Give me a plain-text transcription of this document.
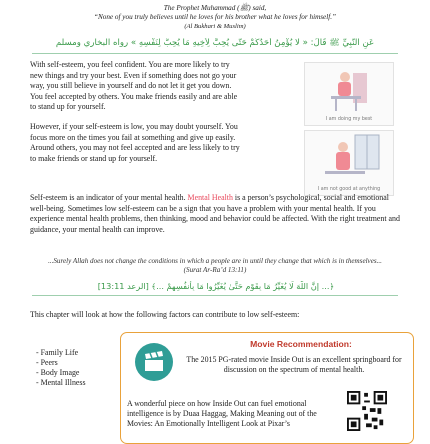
The Prophet Muhammad (ﷺ) said,
“None of you truly believes until he loves for his brother what he loves for himself.”
(Al Bukhari & Muslim)
عَنِ النَّبِيِّ ﷺ قَالَ: « لَا يُؤْمِنُ أَحَدُكُمْ حَتَّى يُحِبَّ لِأَخِيهِ مَا يُحِبُّ لِنَفْسِهِ » رواه البخاري ومسلم
With self-esteem, you feel confident. You are more likely to try new things and try your best. Even if something does not go your way, you still believe in yourself and do not let it get you down. You feel accepted by others. You make friends easily and are able to stand up for yourself.
However, if your self-esteem is low, you may doubt yourself. You focus more on the times you fail at something and give up easily. Around others, you may not feel accepted and are less likely to try to make friends or stand up for yourself.
I am doing my best
I am not good at anything
Self-esteem is an indicator of your mental health. Mental Health is a person’s psychological, social and emotional well-being. Sometimes low self-esteem can be a sign that you have a problem with your mental health. If you experience mental health problems, then thinking, mood and behavior could be affected. With the right treatment and guidance, your mental health can improve.
...Surely Allah does not change the conditions in which a people are in until they change that which is in themselves... (Surat Ar-Ra’d 13:11)
﴿... إِنَّ اللَّهَ لَا يُغَيِّرُ مَا بِقَوْمٍ حَتَّىٰ يُغَيِّرُوا مَا بِأَنفُسِهِمْ ...﴾ [الرعد 13:11]
This chapter will look at how the following factors can contribute to low self-esteem:
- Family Life
- Peers
- Body Image
- Mental Illness
Movie Recommendation:
The 2015 PG-rated movie Inside Out is an excellent springboard for discussion on the spectrum of mental health.
A wonderful piece on how Inside Out can fuel emotional intelligence is by Duaa Haggag, Making Meaning out of the Movies: An Emotionally Intelligent Look at Pixar’s
